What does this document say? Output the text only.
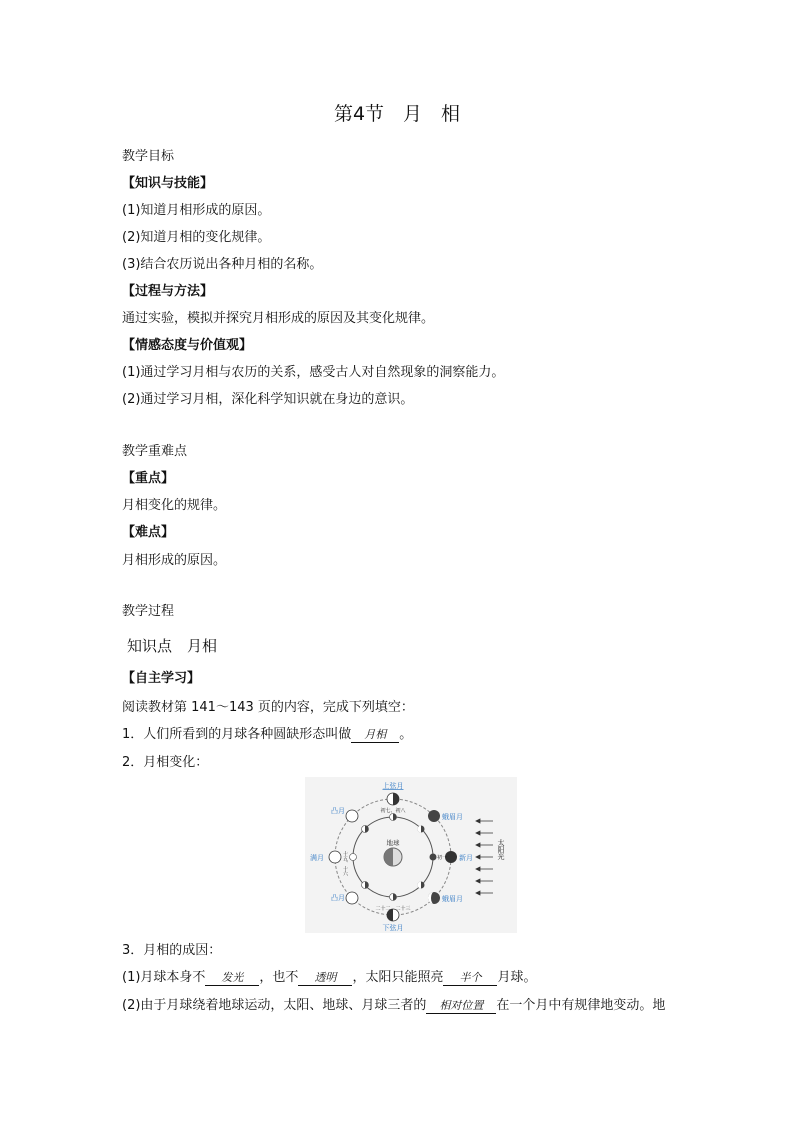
第4节　月　相
教学目标
【知识与技能】
(1)知道月相形成的原因。
(2)知道月相的变化规律。
(3)结合农历说出各种月相的名称。
【过程与方法】
通过实验，模拟并探究月相形成的原因及其变化规律。
【情感态度与价值观】
(1)通过学习月相与农历的关系，感受古人对自然现象的洞察能力。
(2)通过学习月相，深化科学知识就在身边的意识。
教学重难点
【重点】
月相变化的规律。
【难点】
月相形成的原因。
教学过程
知识点　月相
【自主学习】
阅读教材第 141～143 页的内容，完成下列填空：
1．人们所看到的月球各种圆缺形态叫做 月相 。
2．月相变化：
上弦月
蛾眉月
新月
蛾眉月
下弦月
凸月
满月
凸月
地球
初七、初八
十五、十六	初一
二十二、二十三
太阳光
3．月相的成因：
(1)月球本身不 发光 ，也不 透明 ，太阳只能照亮 半个 月球。
(2)由于月球绕着地球运动，太阳、地球、月球三者的 相对位置 在一个月中有规律地变动。地
